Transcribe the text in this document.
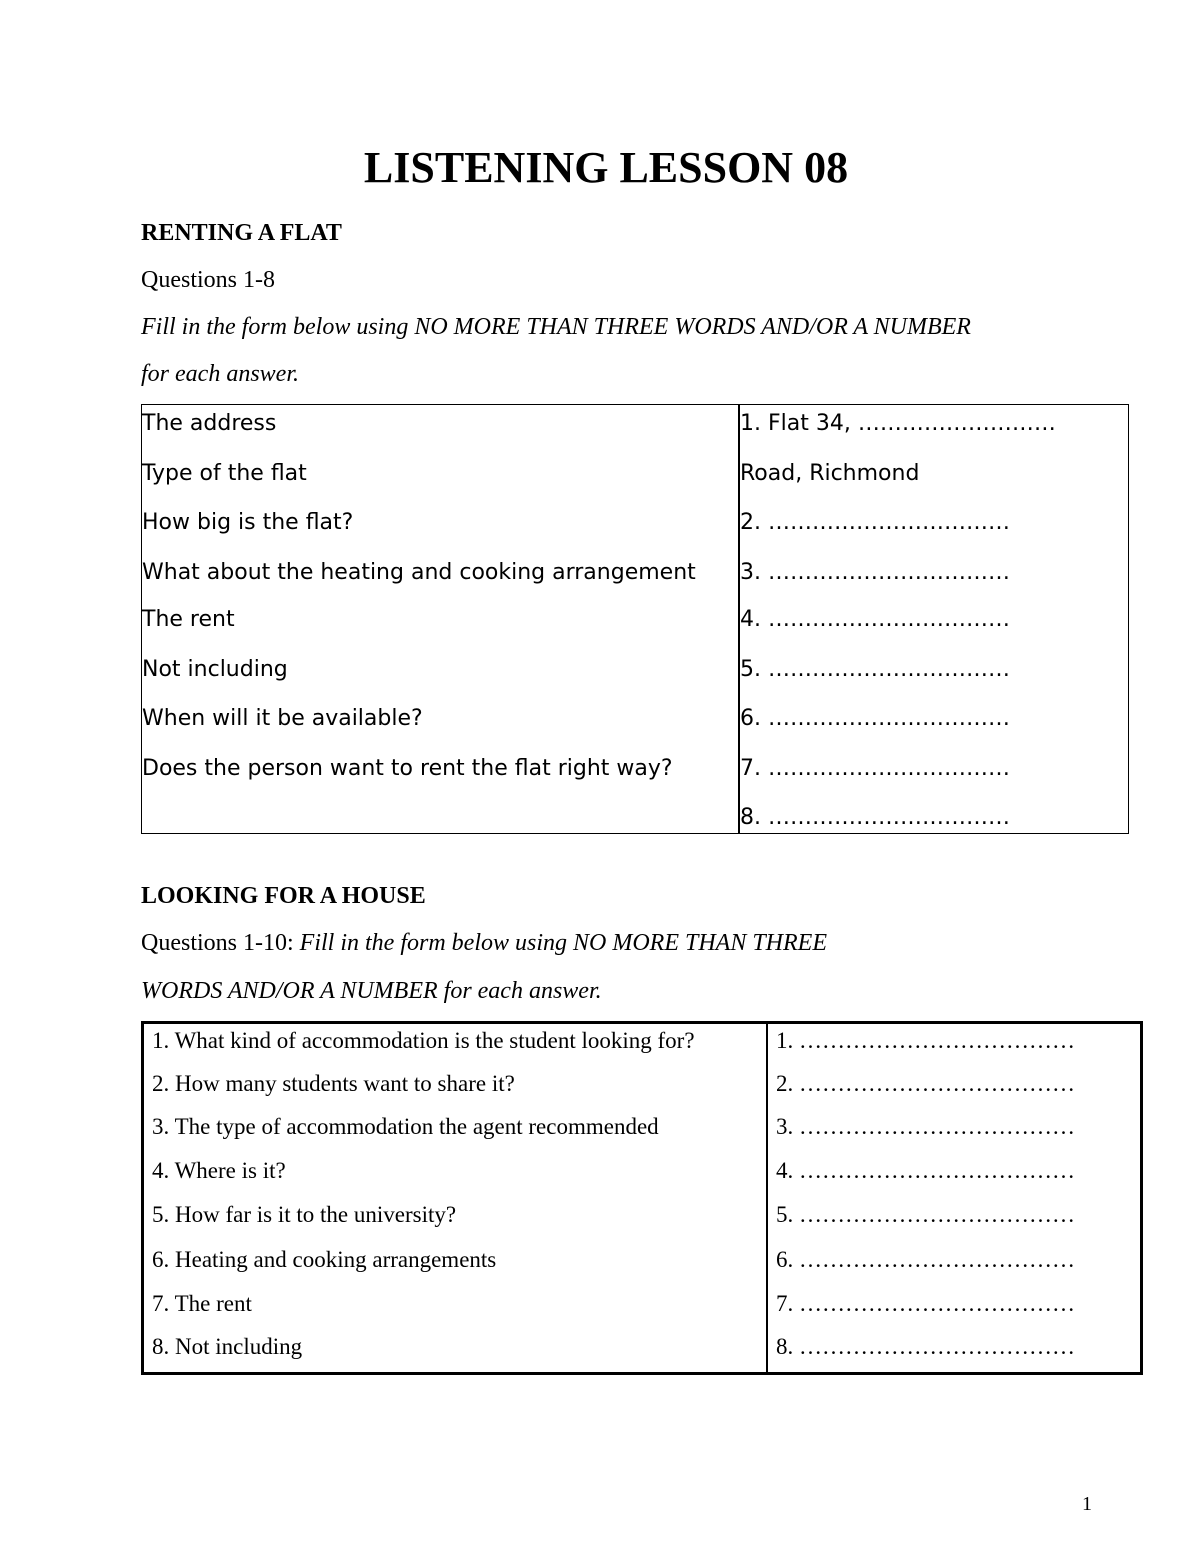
LISTENING LESSON 08
RENTING A FLAT
Questions 1-8
Fill in the form below using NO MORE THAN THREE WORDS AND/OR A NUMBER
for each answer.
The address
Type of the flat
How big is the flat?
What about the heating and cooking arrangement
The rent
Not including
When will it be available?
Does the person want to rent the flat right way?
1. Flat 34, ………………………
Road, Richmond
2. ……………………………
3. ……………………………
4. ……………………………
5. ……………………………
6. ……………………………
7. ……………………………
8. ……………………………
LOOKING FOR A HOUSE
Questions 1-10: Fill in the form below using NO MORE THAN THREE
WORDS AND/OR A NUMBER for each answer.
1. What kind of accommodation is the student looking for?
2. How many students want to share it?
3. The type of accommodation the agent recommended
4. Where is it?
5. How far is it to the university?
6. Heating and cooking arrangements
7. The rent
8. Not including
1. ………………………………
2. ………………………………
3. ………………………………
4. ………………………………
5. ………………………………
6. ………………………………
7. ………………………………
8. ………………………………
1
